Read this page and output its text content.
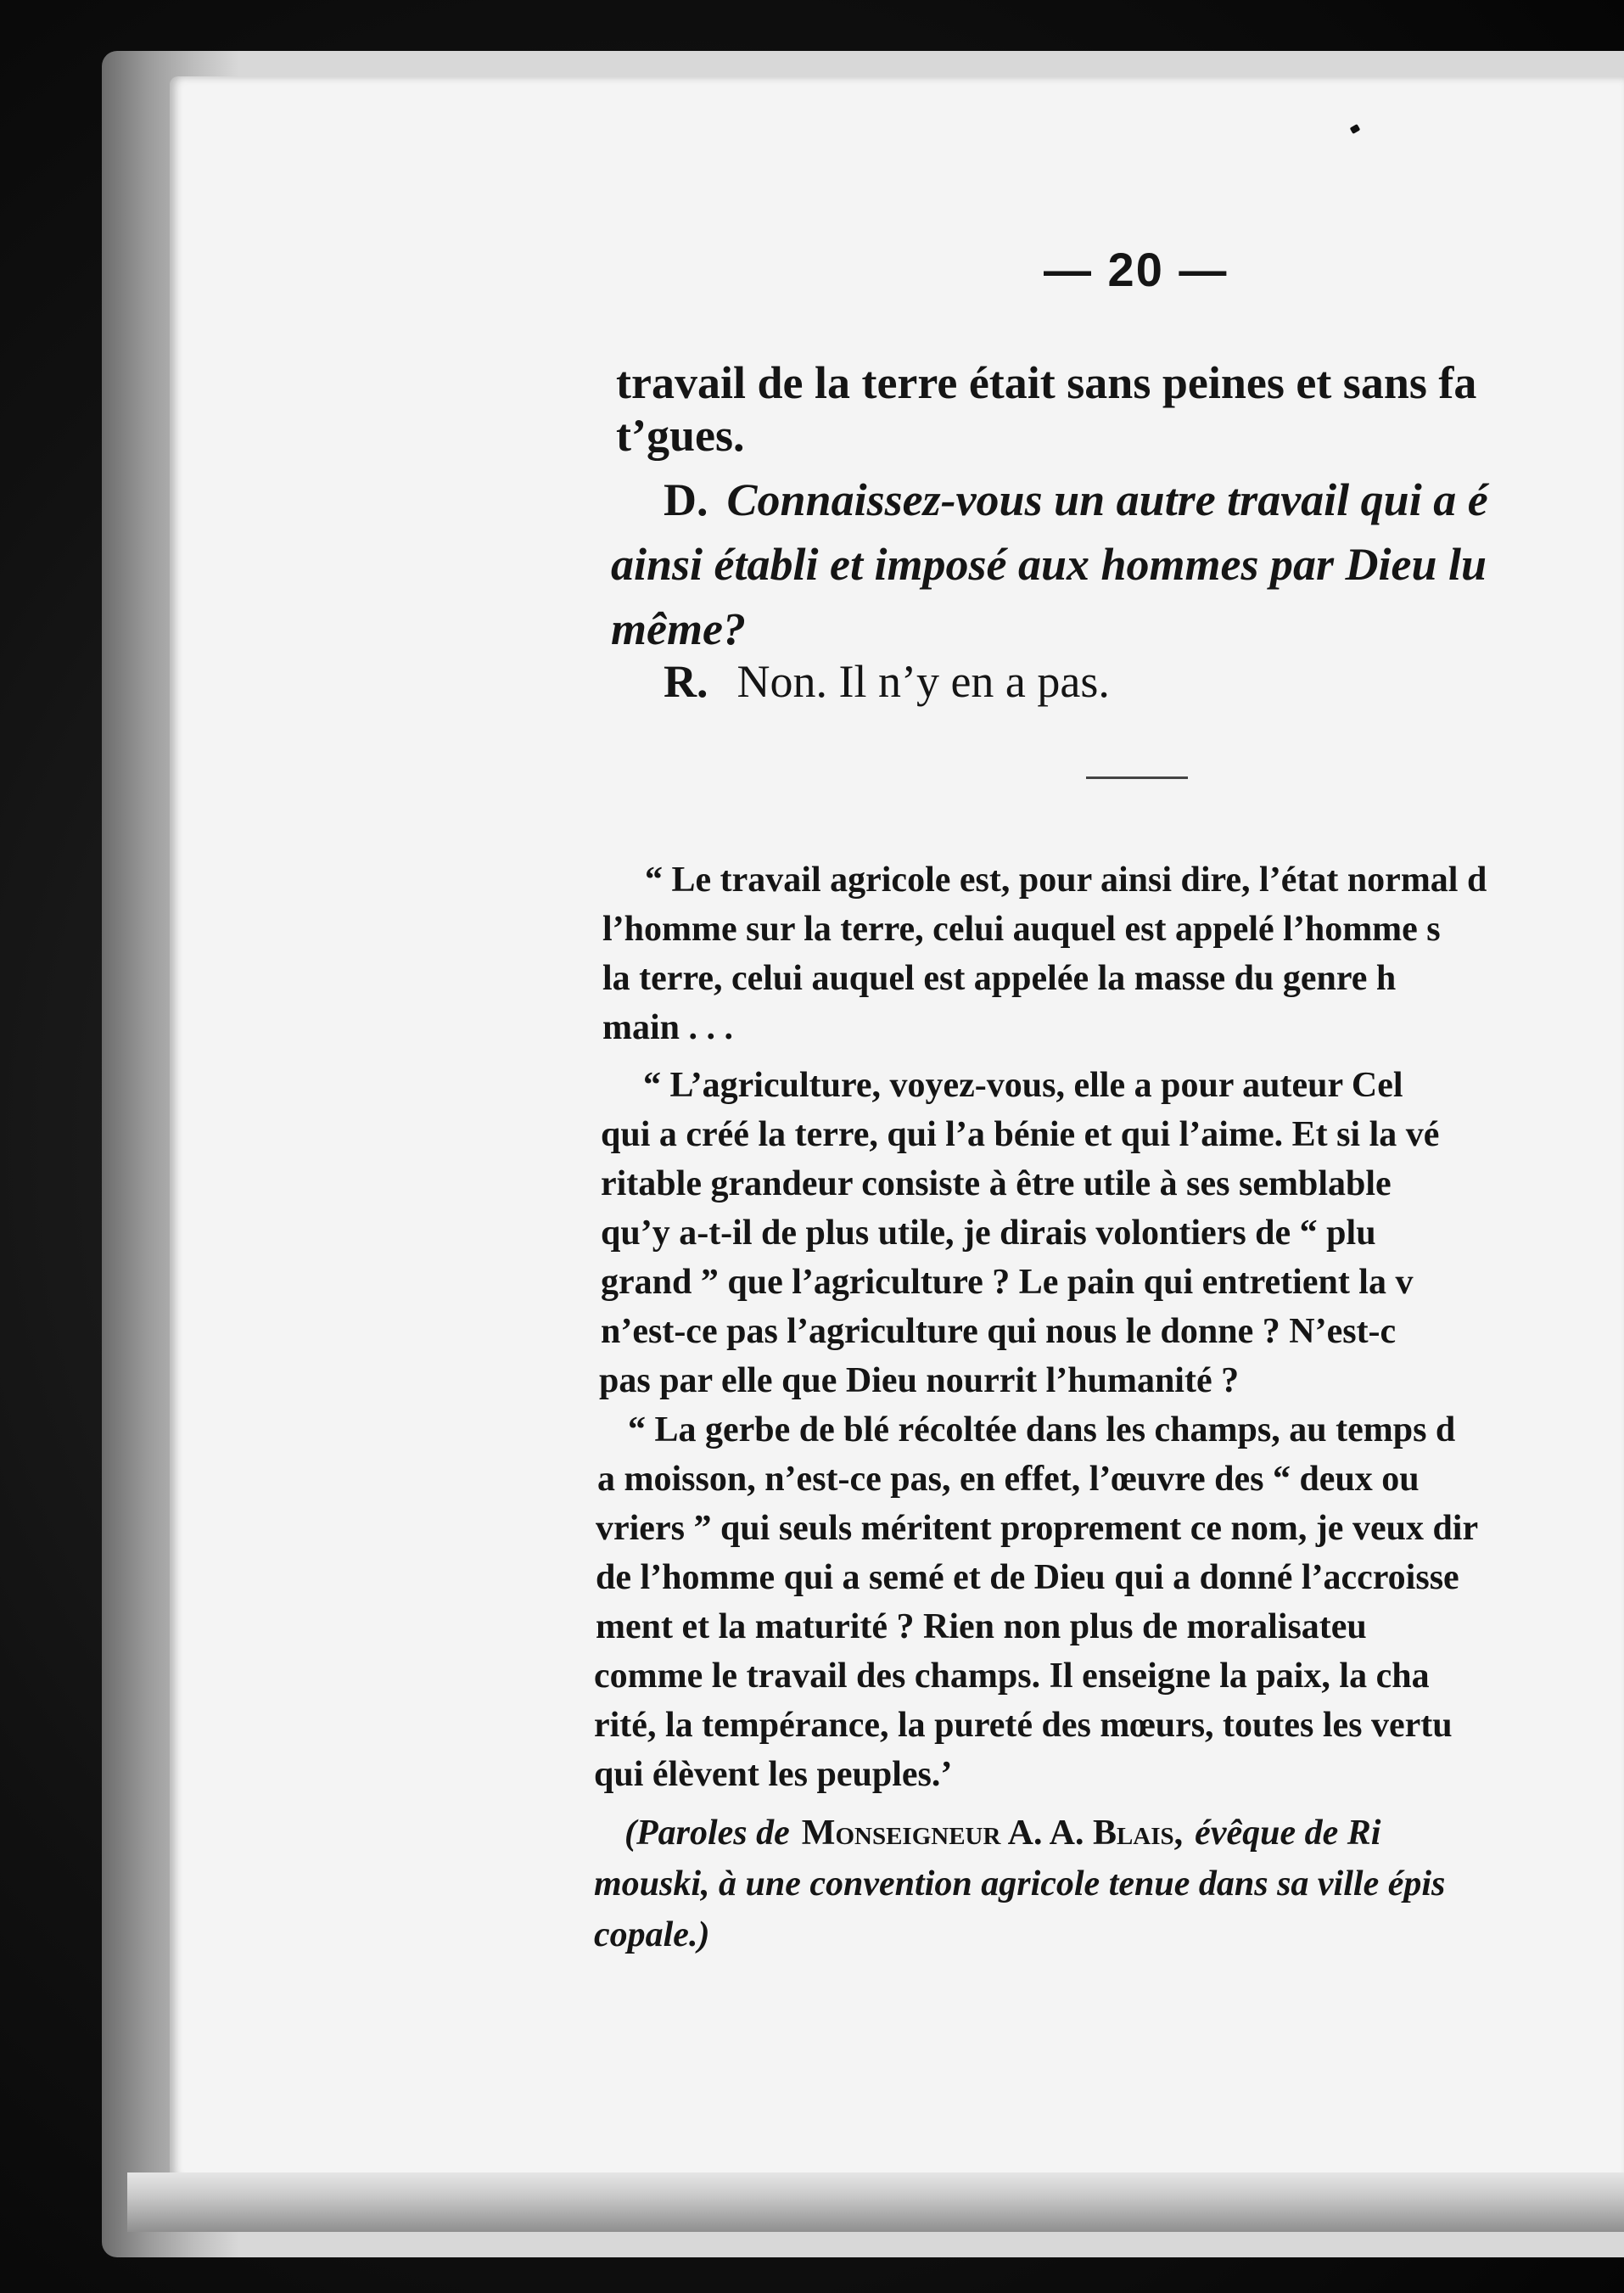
— 20 —
travail de la terre était sans peines et sans fa
t’gues.
D. Connaissez-vous un autre travail qui a é
ainsi établi et imposé aux hommes par Dieu lu
même?
R. Non. Il n’y en a pas.
“ Le travail agricole est, pour ainsi dire, l’état normal d
l’homme sur la terre, celui auquel est appelé l’homme s
la terre, celui auquel est appelée la masse du genre h
main . . .
“ L’agriculture, voyez-vous, elle a pour auteur Cel
qui a créé la terre, qui l’a bénie et qui l’aime. Et si la vé
ritable grandeur consiste à être utile à ses semblable
qu’y a-t-il de plus utile, je dirais volontiers de “ plu
grand ” que l’agriculture ? Le pain qui entretient la v
n’est-ce pas l’agriculture qui nous le donne ? N’est-c
pas par elle que Dieu nourrit l’humanité ?
“ La gerbe de blé récoltée dans les champs, au temps d
a moisson, n’est-ce pas, en effet, l’œuvre des “ deux ou
vriers ” qui seuls méritent proprement ce nom, je veux dir
de l’homme qui a semé et de Dieu qui a donné l’accroisse
ment et la maturité ? Rien non plus de moralisateu
comme le travail des champs. Il enseigne la paix, la cha
rité, la tempérance, la pureté des mœurs, toutes les vertu
qui élèvent les peuples.’
(Paroles de Monseigneur A. A. Blais, évêque de Ri
mouski, à une convention agricole tenue dans sa ville épis
copale.)
